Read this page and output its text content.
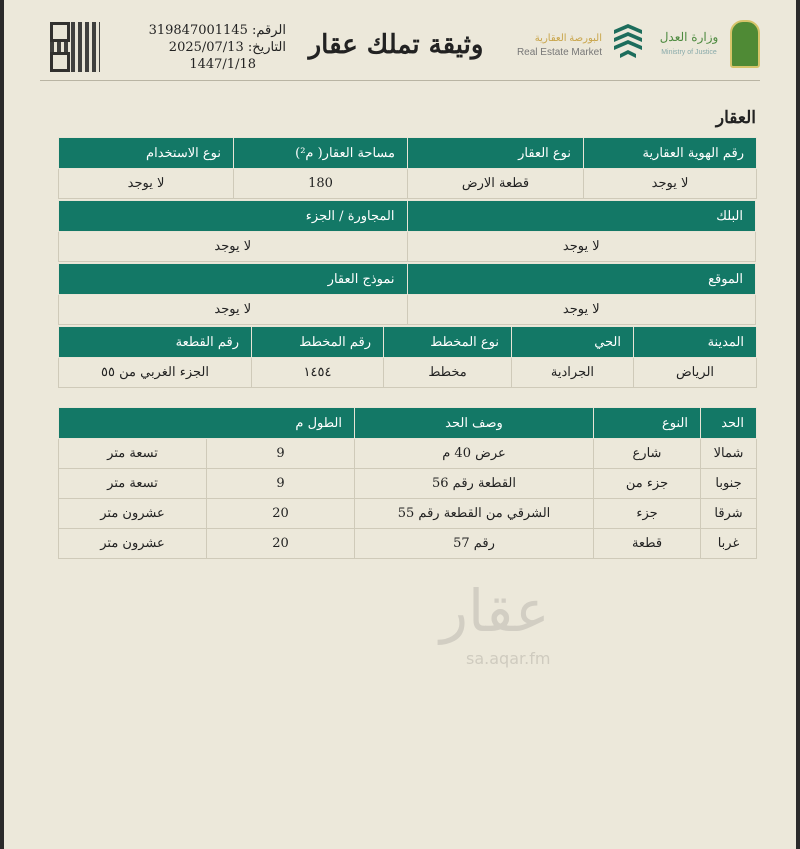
الرقم: 319847001145
التاريخ: 2025/07/13
1447/1/18
وثيقة تملك عقار	البورصة العقارية
Real Estate Market
وزارة العدل
Ministry of Justice
العقار
رقم الهوية العقارية	نوع العقار	مساحة العقار( م²)	نوع الاستخدام
لا يوجد	قطعة الارض	180	لا يوجد
البلك	المجاورة / الجزء
لا يوجد	لا يوجد
الموقع	نموذج العقار
لا يوجد	لا يوجد
المدينة	الحي	نوع المخطط	رقم المخطط	رقم القطعة
الرياض	الجرادية	مخطط	١٤٥٤	الجزء الغربي من ٥٥
الحد	النوع	وصف الحد	الطول م	
شمالا	شارع	عرض 40 م	9	تسعة متر
جنوبا	جزء من	القطعة رقم 56	9	تسعة متر
شرقا	جزء	الشرقي من القطعة رقم 55	20	عشرون متر
غربا	قطعة	رقم 57	20	عشرون متر
عقار
sa.aqar.fm
